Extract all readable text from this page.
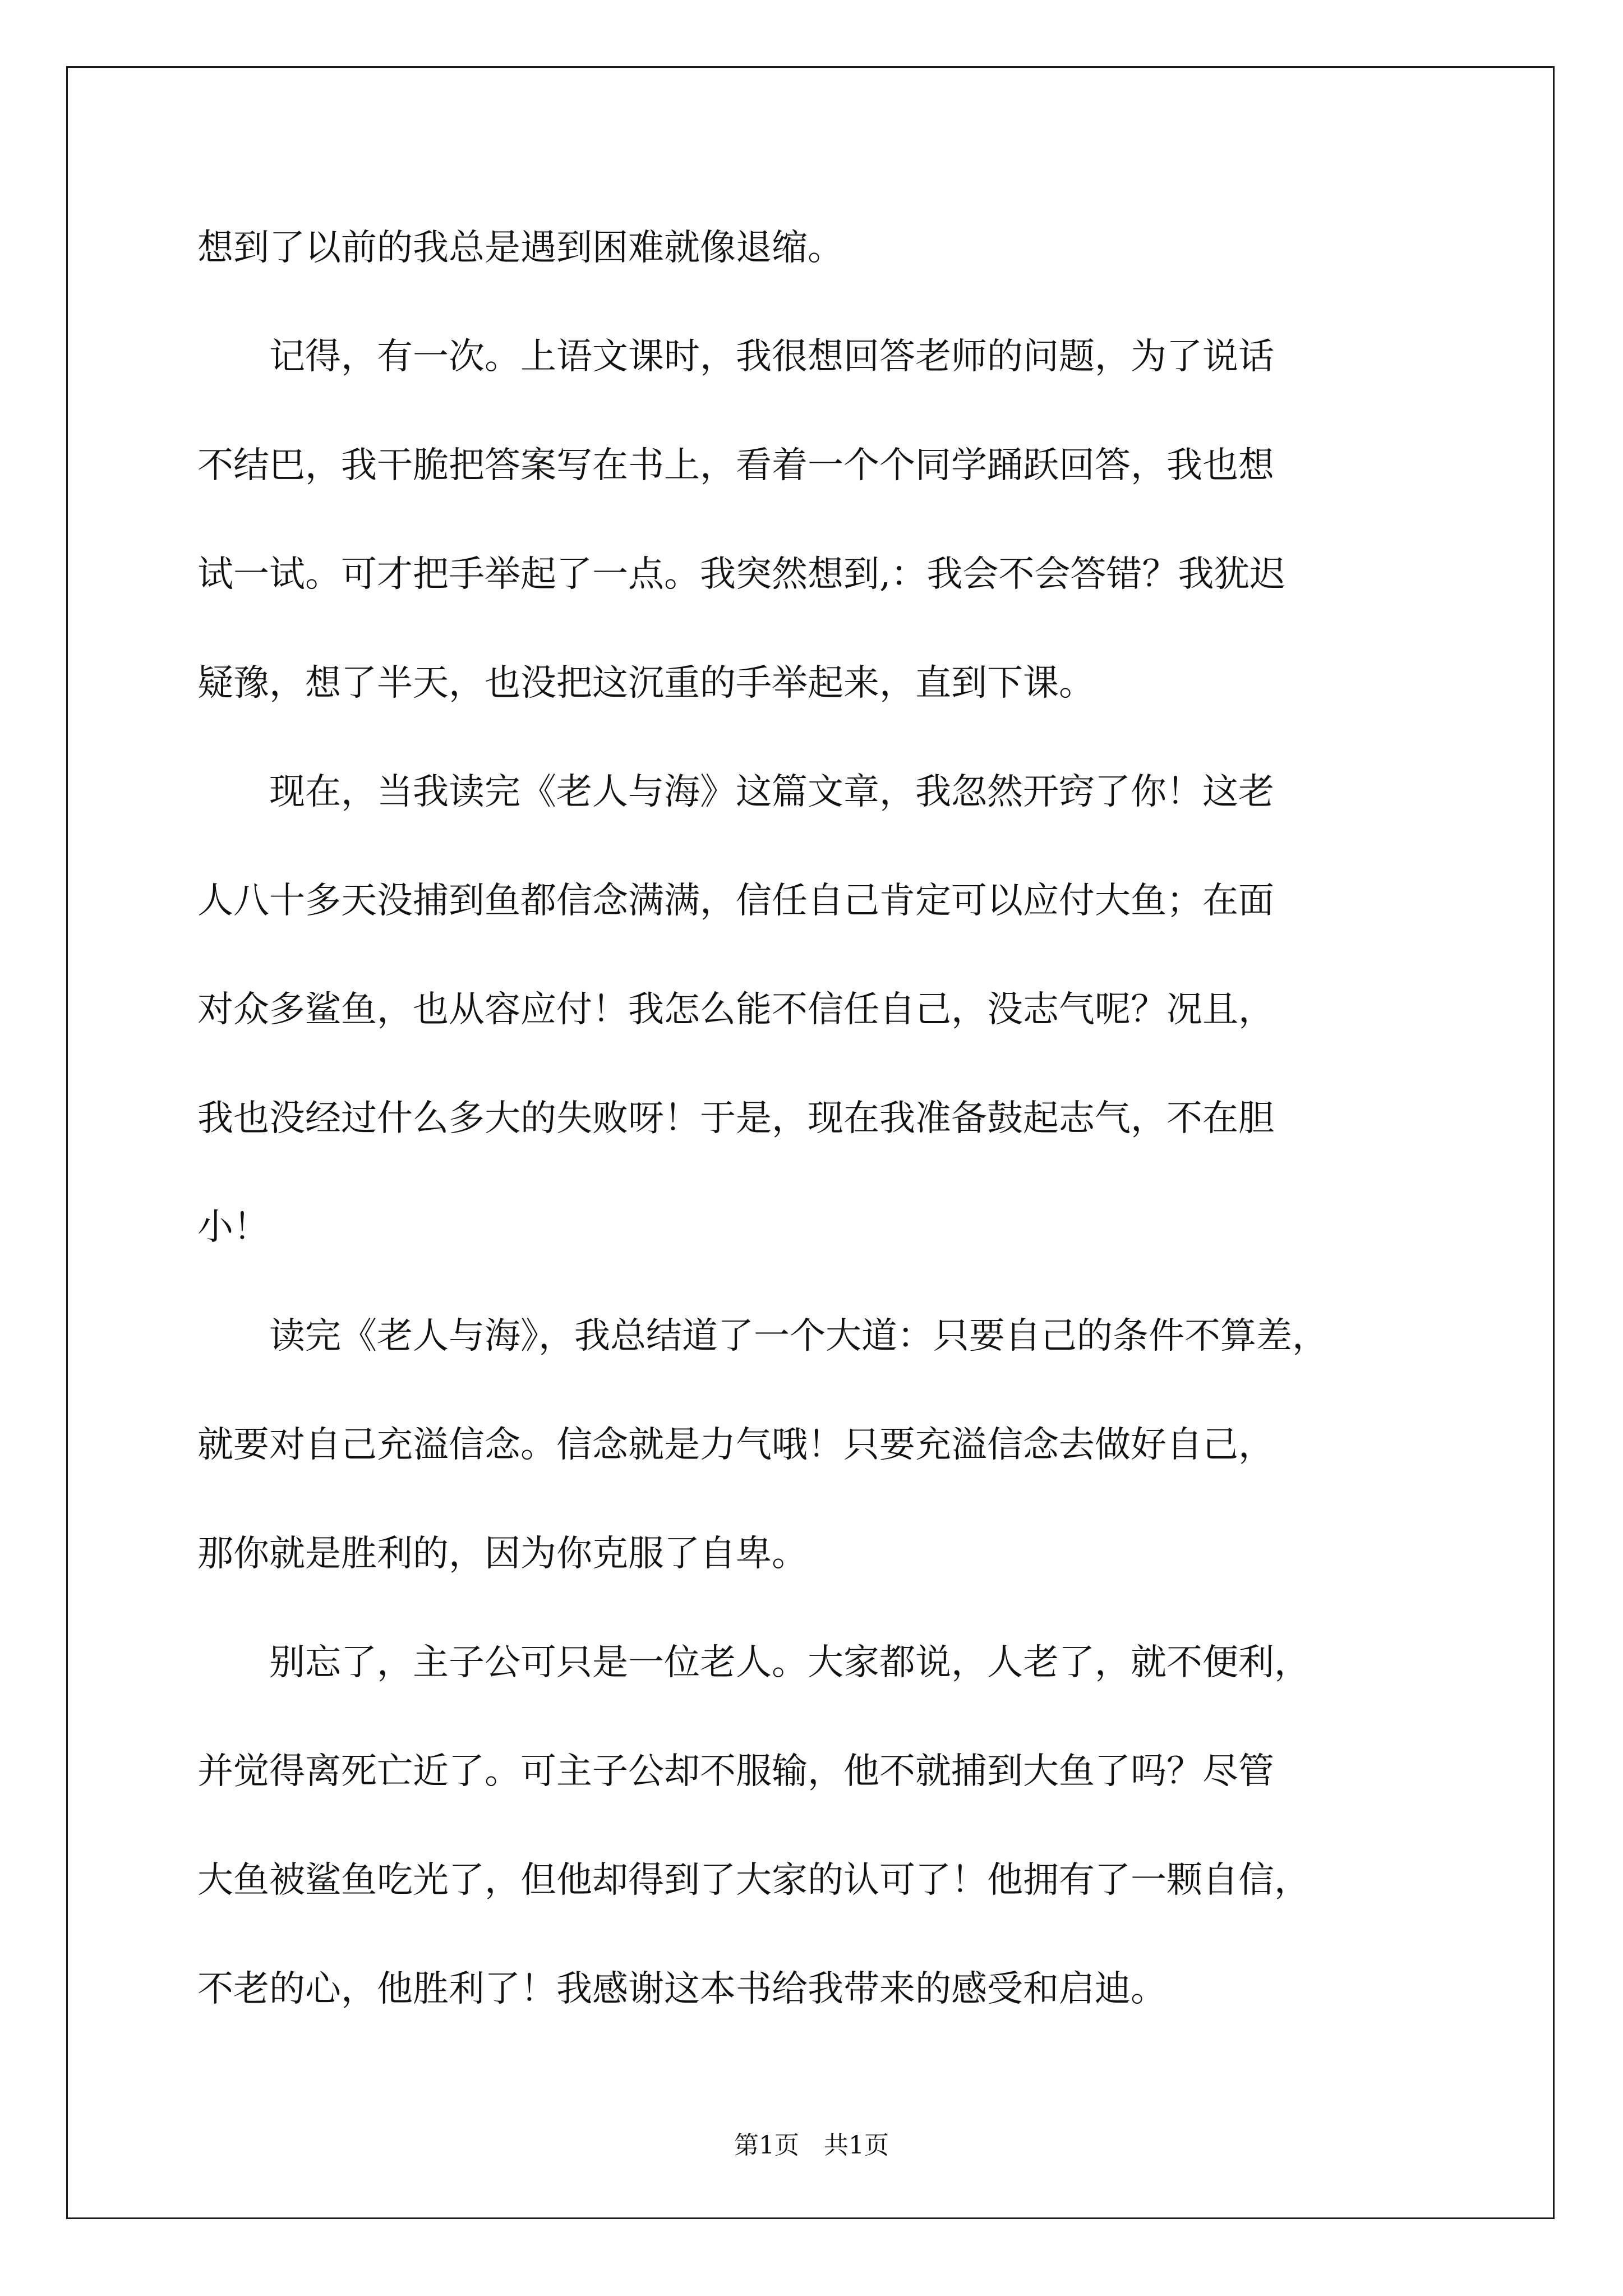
想到了以前的我总是遇到困难就像退缩。
　　记得，有一次。上语文课时，我很想回答老师的问题，为了说话
不结巴，我干脆把答案写在书上，看着一个个同学踊跃回答，我也想
试一试。可才把手举起了一点。我突然想到,：我会不会答错？我犹迟
疑豫，想了半天，也没把这沉重的手举起来，直到下课。
　　现在，当我读完《老人与海》这篇文章，我忽然开窍了你！这老
人八十多天没捕到鱼都信念满满，信任自己肯定可以应付大鱼；在面
对众多鲨鱼，也从容应付！我怎么能不信任自己，没志气呢？况且，
我也没经过什么多大的失败呀！于是，现在我准备鼓起志气，不在胆
小！
　　读完《老人与海》，我总结道了一个大道：只要自己的条件不算差，
就要对自己充溢信念。信念就是力气哦！只要充溢信念去做好自己，
那你就是胜利的，因为你克服了自卑。
　　别忘了，主子公可只是一位老人。大家都说，人老了，就不便利，
并觉得离死亡近了。可主子公却不服输，他不就捕到大鱼了吗？尽管
大鱼被鲨鱼吃光了，但他却得到了大家的认可了！他拥有了一颗自信，
不老的心，他胜利了！我感谢这本书给我带来的感受和启迪。
第1页 共1页
